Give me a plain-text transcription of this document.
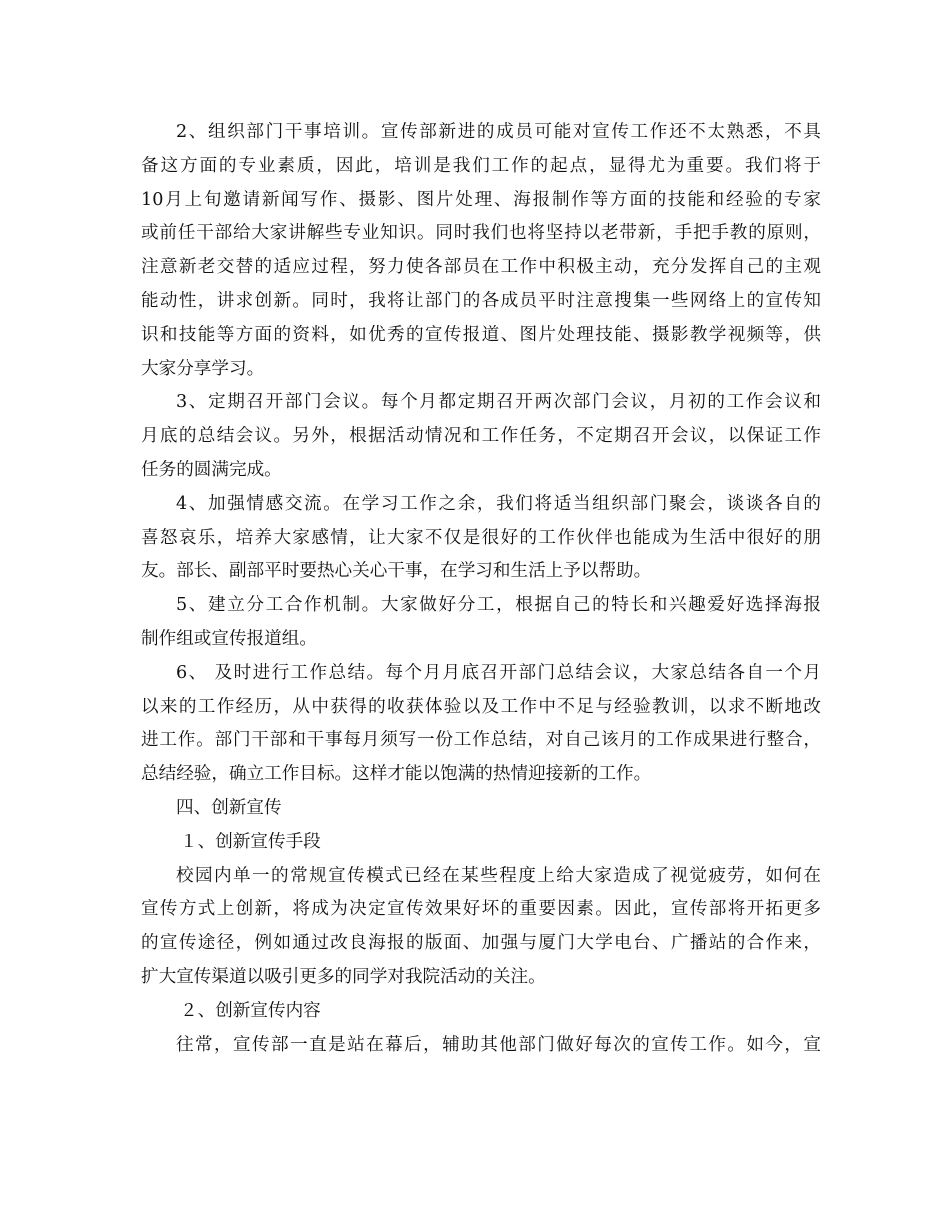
2、组织部门干事培训。宣传部新进的成员可能对宣传工作还不太熟悉，不具
备这方面的专业素质，因此，培训是我们工作的起点，显得尤为重要。我们将于
10月上旬邀请新闻写作、摄影、图片处理、海报制作等方面的技能和经验的专家
或前任干部给大家讲解些专业知识。同时我们也将坚持以老带新，手把手教的原则，
注意新老交替的适应过程，努力使各部员在工作中积极主动，充分发挥自己的主观
能动性，讲求创新。同时，我将让部门的各成员平时注意搜集一些网络上的宣传知
识和技能等方面的资料，如优秀的宣传报道、图片处理技能、摄影教学视频等，供
大家分享学习。
3、定期召开部门会议。每个月都定期召开两次部门会议，月初的工作会议和
月底的总结会议。另外，根据活动情况和工作任务，不定期召开会议，以保证工作
任务的圆满完成。
4、加强情感交流。在学习工作之余，我们将适当组织部门聚会，谈谈各自的
喜怒哀乐，培养大家感情，让大家不仅是很好的工作伙伴也能成为生活中很好的朋
友。部长、副部平时要热心关心干事，在学习和生活上予以帮助。
5、建立分工合作机制。大家做好分工，根据自己的特长和兴趣爱好选择海报
制作组或宣传报道组。
6、 及时进行工作总结。每个月月底召开部门总结会议，大家总结各自一个月
以来的工作经历，从中获得的收获体验以及工作中不足与经验教训，以求不断地改
进工作。部门干部和干事每月须写一份工作总结，对自己该月的工作成果进行整合，
总结经验，确立工作目标。这样才能以饱满的热情迎接新的工作。
四、创新宣传
１、创新宣传手段
校园内单一的常规宣传模式已经在某些程度上给大家造成了视觉疲劳，如何在
宣传方式上创新，将成为决定宣传效果好坏的重要因素。因此，宣传部将开拓更多
的宣传途径，例如通过改良海报的版面、加强与厦门大学电台、广播站的合作来，
扩大宣传渠道以吸引更多的同学对我院活动的关注。
２、创新宣传内容
往常，宣传部一直是站在幕后，辅助其他部门做好每次的宣传工作。如今，宣
